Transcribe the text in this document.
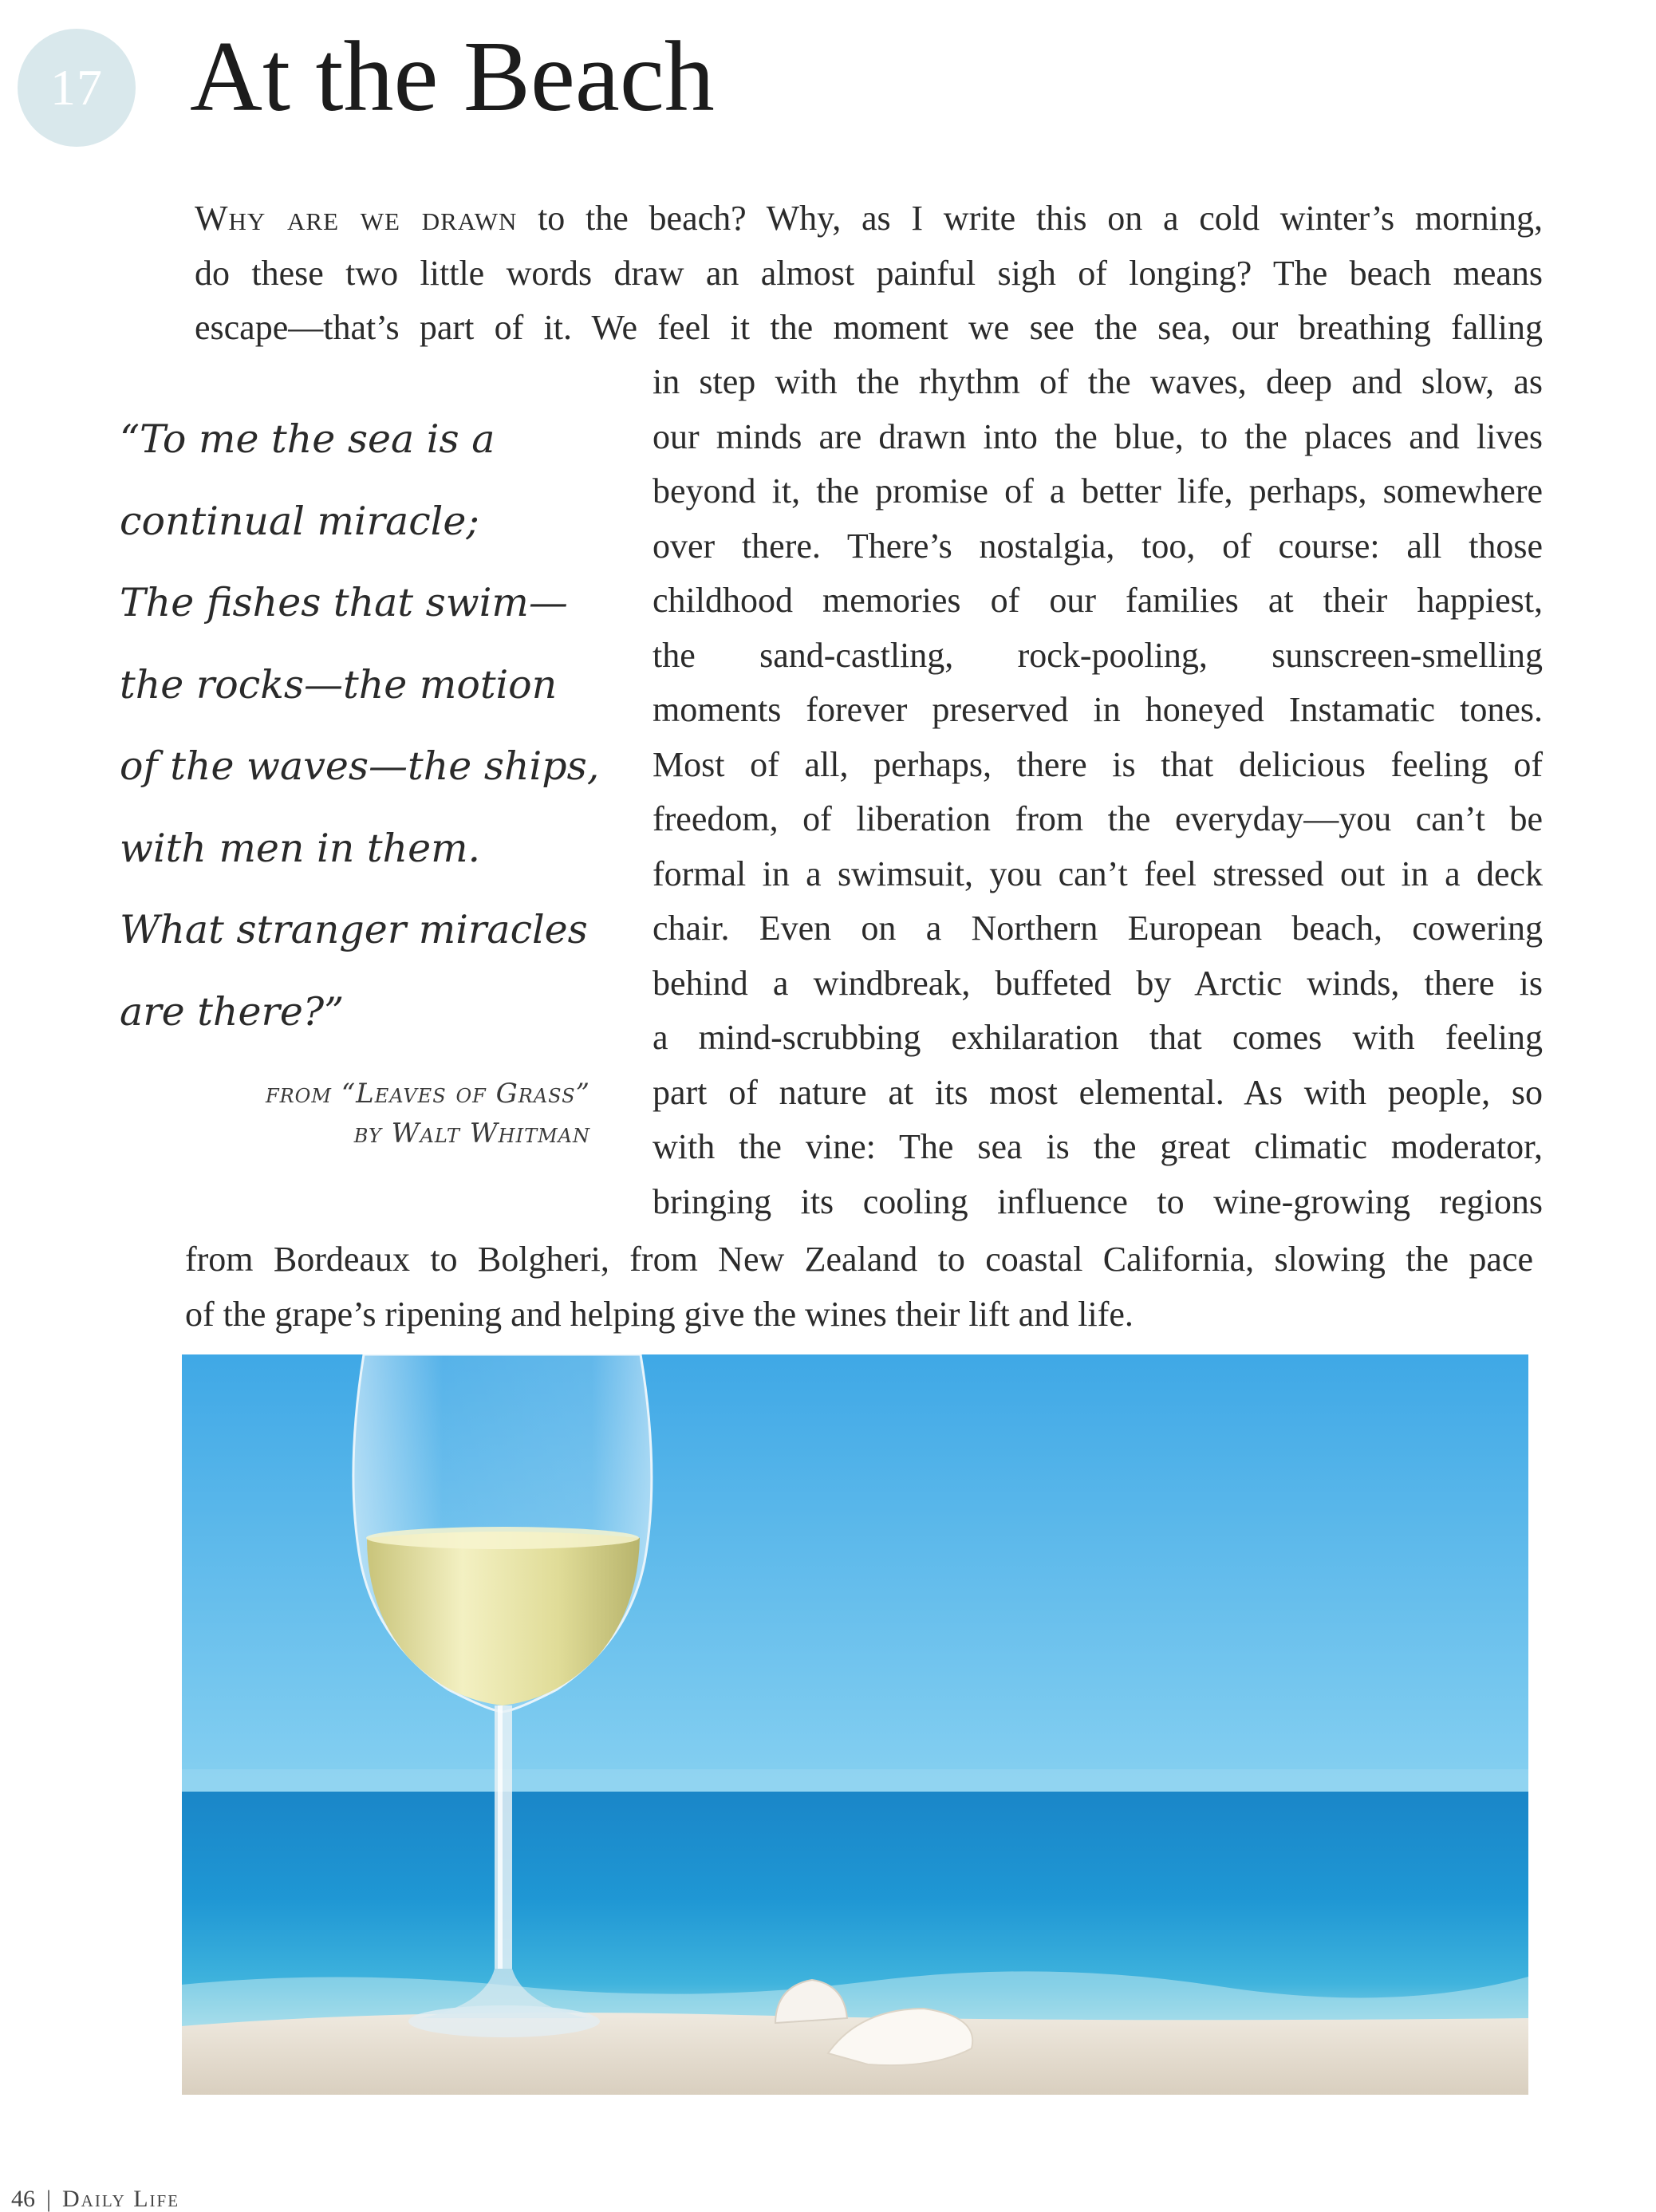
17 At the Beach
Why are we drawn to the beach? Why, as I write this on a cold winter’s morning,
do these two little words draw an almost painful sigh of longing? The beach means
escape—that’s part of it. We feel it the moment we see the sea, our breathing falling
“To me the sea is a
continual miracle;
The fishes that swim—
the rocks—the motion
of the waves—the ships,
with men in them.
What stranger miracles
are there?”
from “Leaves of Grass”
by Walt Whitman
in step with the rhythm of the waves, deep and slow, as
our minds are drawn into the blue, to the places and lives
beyond it, the promise of a better life, perhaps, somewhere
over there. There’s nostalgia, too, of course: all those
childhood memories of our families at their happiest,
the sand-castling, rock-pooling, sunscreen-smelling
moments forever preserved in honeyed Instamatic tones.
Most of all, perhaps, there is that delicious feeling of
freedom, of liberation from the everyday—you can’t be
formal in a swimsuit, you can’t feel stressed out in a deck
chair. Even on a Northern European beach, cowering
behind a windbreak, buffeted by Arctic winds, there is
a mind-scrubbing exhilaration that comes with feeling
part of nature at its most elemental. As with people, so
with the vine: The sea is the great climatic moderator,
bringing its cooling influence to wine-growing regions
from Bordeaux to Bolgheri, from New Zealand to coastal California, slowing the pace
of the grape’s ripening and helping give the wines their lift and life.
46 | Daily Life
